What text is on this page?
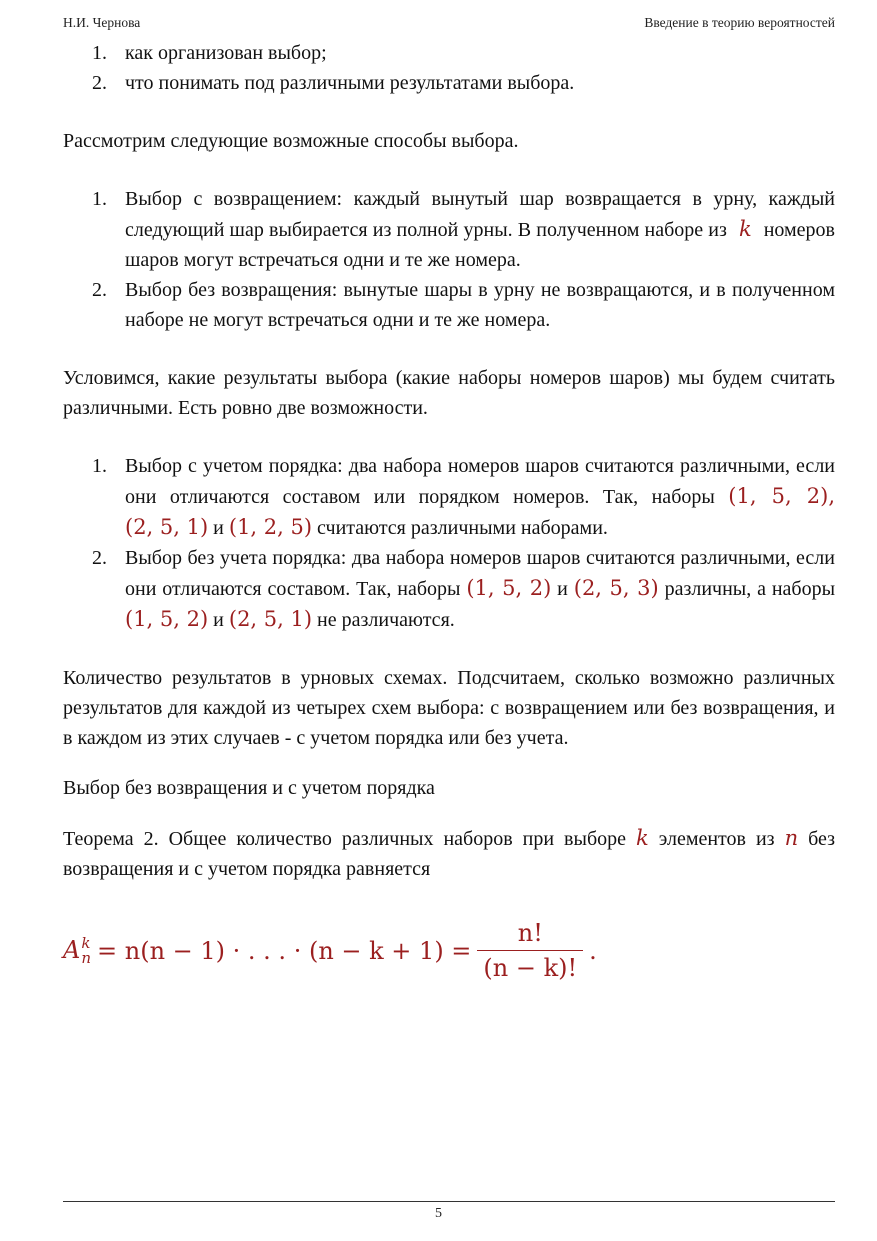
Н.И. Чернова	Введение в теорию вероятностей
1. как организован выбор;
2. что понимать под различными результатами выбора.

Рассмотрим следующие возможные способы выбора.

1. Выбор с возвращением: каждый вынутый шар возвращается в урну, каждый следующий шар выбирается из полной урны. В полученном наборе из k номеров шаров могут встречаться одни и те же номера.
2. Выбор без возвращения: вынутые шары в урну не возвращаются, и в полученном наборе не могут встречаться одни и те же номера.

Условимся, какие результаты выбора (какие наборы номеров шаров) мы будем считать различными. Есть ровно две возможности.

1. Выбор с учетом порядка: два набора номеров шаров считаются различными, если они отличаются составом или порядком номеров. Так, наборы (1, 5, 2), (2, 5, 1) и (1, 2, 5) считаются различными наборами.
2. Выбор без учета порядка: два набора номеров шаров считаются различными, если они отличаются составом. Так, наборы (1, 5, 2) и (2, 5, 3) различны, а наборы (1, 5, 2) и (2, 5, 1) не различаются.

Количество результатов в урновых схемах. Подсчитаем, сколько возможно различных результатов для каждой из четырех схем выбора: с возвращением или без возвращения, и в каждом из этих случаев - с учетом порядка или без учета.

Выбор без возвращения и с учетом порядка

Теорема 2. Общее количество различных наборов при выборе k элементов из n без возвращения и с учетом порядка равняется

A k
n = n(n − 1) · . . . · $(n - k + 1) = \frac{n!}{(n - k)!}$ .
5
